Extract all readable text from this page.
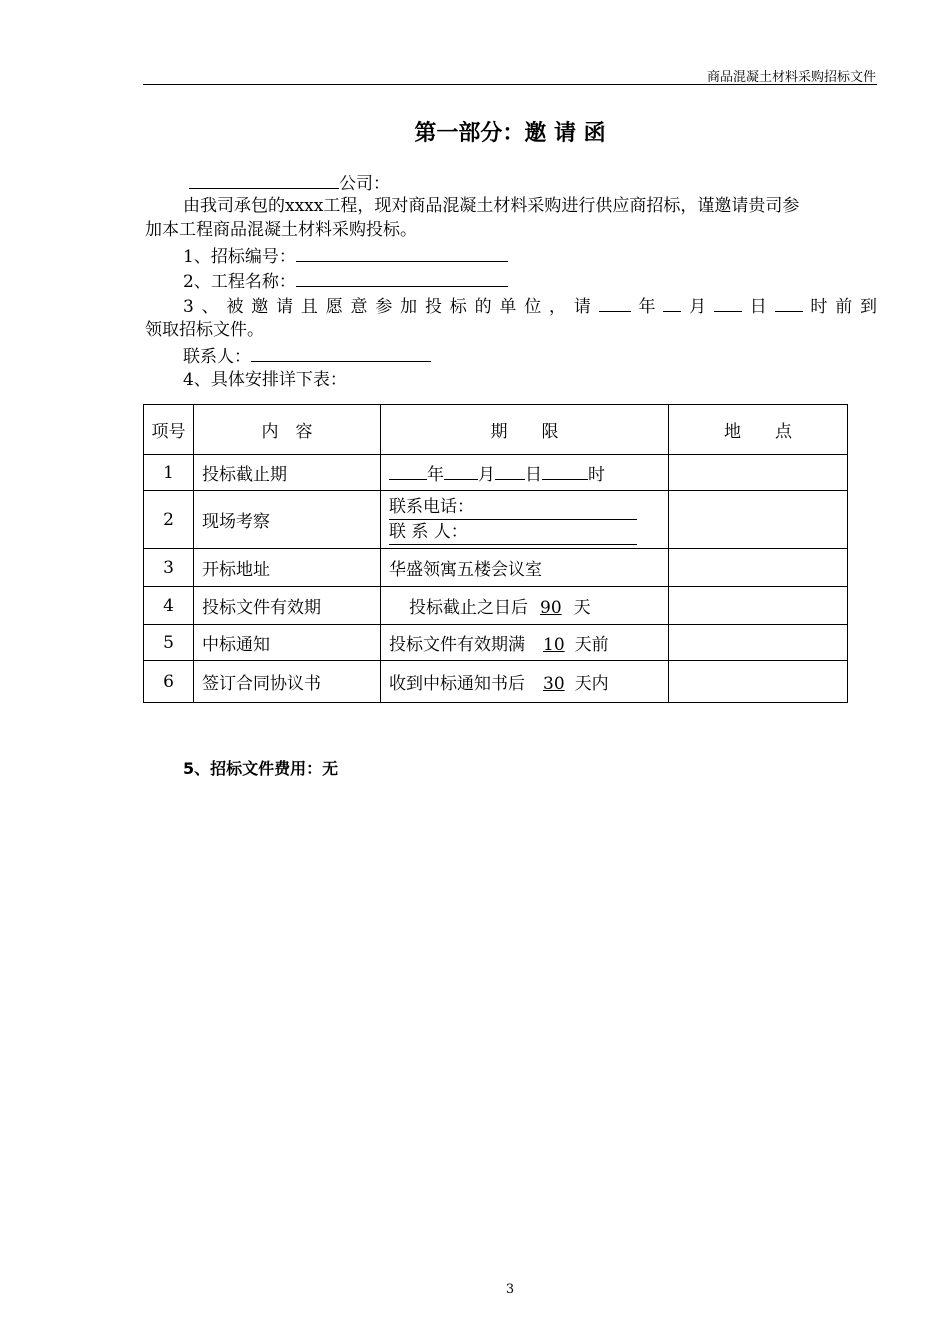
商品混凝土材料采购招标文件
第一部分：邀 请 函
公司：
由我司承包的xxxx工程，现对商品混凝土材料采购进行供应商招标，谨邀请贵司参
加本工程商品混凝土材料采购投标。
1、招标编号：
2、工程名称：
3、被邀请且愿意参加投标的单位，请 年 月 日 时前到
领取招标文件。
联系人：
4、具体安排详下表：
项号	内　容	期　　限	地　　点
1	投标截止期	年 月 日 时	
2	现场考察	联系电话：
联 系 人：	

3	开标地址	华盛领寓五楼会议室	
4	投标文件有效期	投标截止之日后 90 天	
5	中标通知	投标文件有效期满 10 天前	
6	签订合同协议书	收到中标通知书后 30 天内	
5、招标文件费用：无
3
